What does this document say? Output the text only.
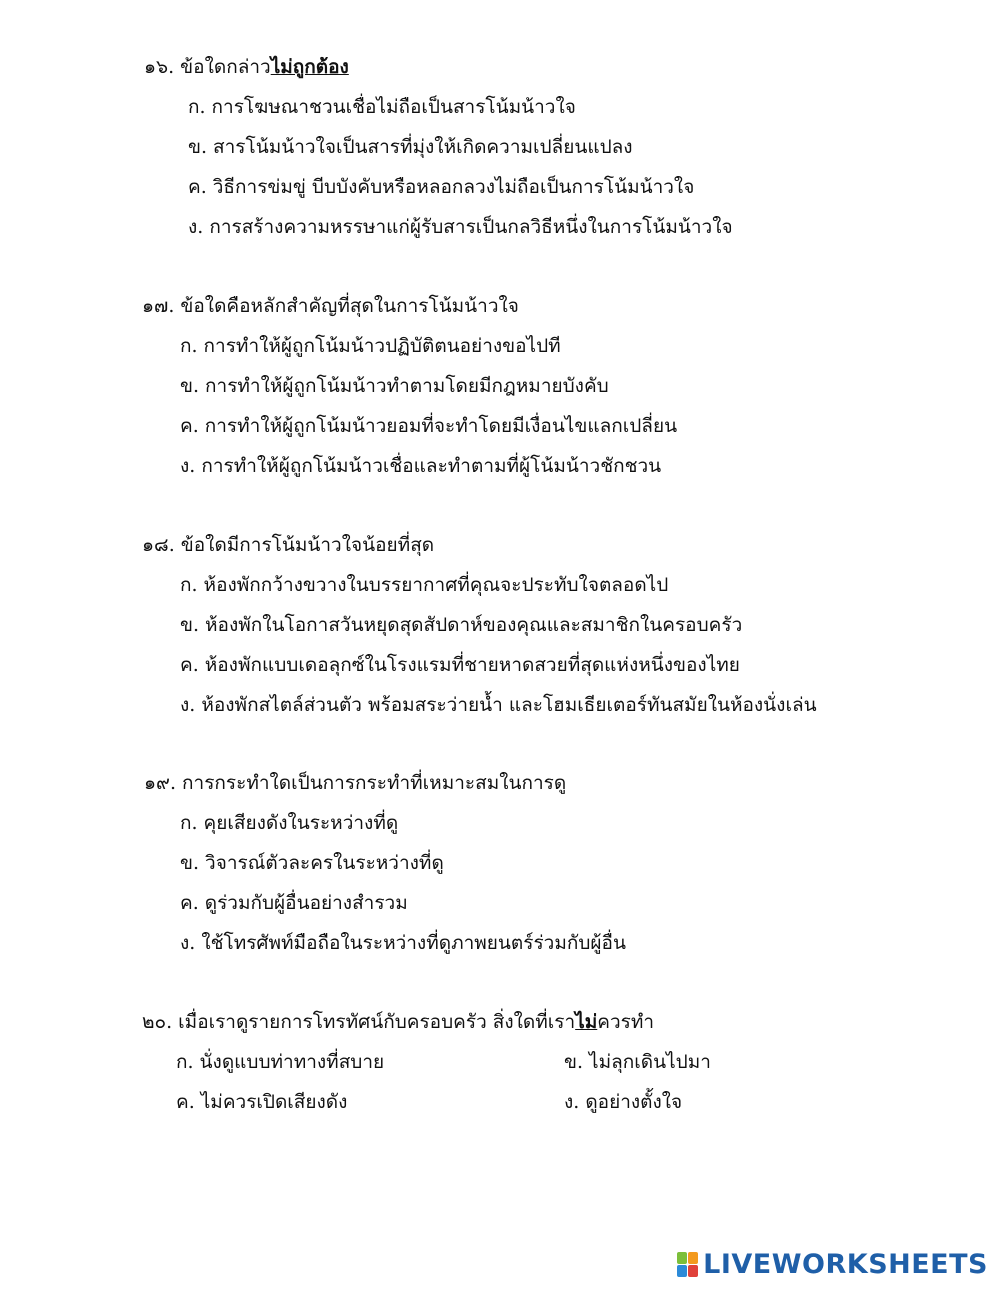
๑๖. ข้อใดกล่าวไม่ถูกต้อง
ก. การโฆษณาชวนเชื่อไม่ถือเป็นสารโน้มน้าวใจ
ข. สารโน้มน้าวใจเป็นสารที่มุ่งให้เกิดความเปลี่ยนแปลง
ค. วิธีการข่มขู่ บีบบังคับหรือหลอกลวงไม่ถือเป็นการโน้มน้าวใจ
ง. การสร้างความหรรษาแก่ผู้รับสารเป็นกลวิธีหนึ่งในการโน้มน้าวใจ
๑๗. ข้อใดคือหลักสำคัญที่สุดในการโน้มน้าวใจ
ก. การทำให้ผู้ถูกโน้มน้าวปฏิบัติตนอย่างขอไปที
ข. การทำให้ผู้ถูกโน้มน้าวทำตามโดยมีกฎหมายบังคับ
ค. การทำให้ผู้ถูกโน้มน้าวยอมที่จะทำโดยมีเงื่อนไขแลกเปลี่ยน
ง. การทำให้ผู้ถูกโน้มน้าวเชื่อและทำตามที่ผู้โน้มน้าวชักชวน
๑๘. ข้อใดมีการโน้มน้าวใจน้อยที่สุด
ก. ห้องพักกว้างขวางในบรรยากาศที่คุณจะประทับใจตลอดไป
ข. ห้องพักในโอกาสวันหยุดสุดสัปดาห์ของคุณและสมาชิกในครอบครัว
ค. ห้องพักแบบเดอลุกซ์ในโรงแรมที่ชายหาดสวยที่สุดแห่งหนึ่งของไทย
ง. ห้องพักสไตล์ส่วนตัว พร้อมสระว่ายน้ำ และโฮมเธียเตอร์ทันสมัยในห้องนั่งเล่น
๑๙. การกระทำใดเป็นการกระทำที่เหมาะสมในการดู
ก. คุยเสียงดังในระหว่างที่ดู
ข. วิจารณ์ตัวละครในระหว่างที่ดู
ค. ดูร่วมกับผู้อื่นอย่างสำรวม
ง. ใช้โทรศัพท์มือถือในระหว่างที่ดูภาพยนตร์ร่วมกับผู้อื่น
๒๐. เมื่อเราดูรายการโทรทัศน์กับครอบครัว สิ่งใดที่เราไม่ควรทำ
ก. นั่งดูแบบท่าทางที่สบาย	ข. ไม่ลุกเดินไปมา
ค. ไม่ควรเปิดเสียงดัง	ง. ดูอย่างตั้งใจ
LIVEWORKSHEETS
